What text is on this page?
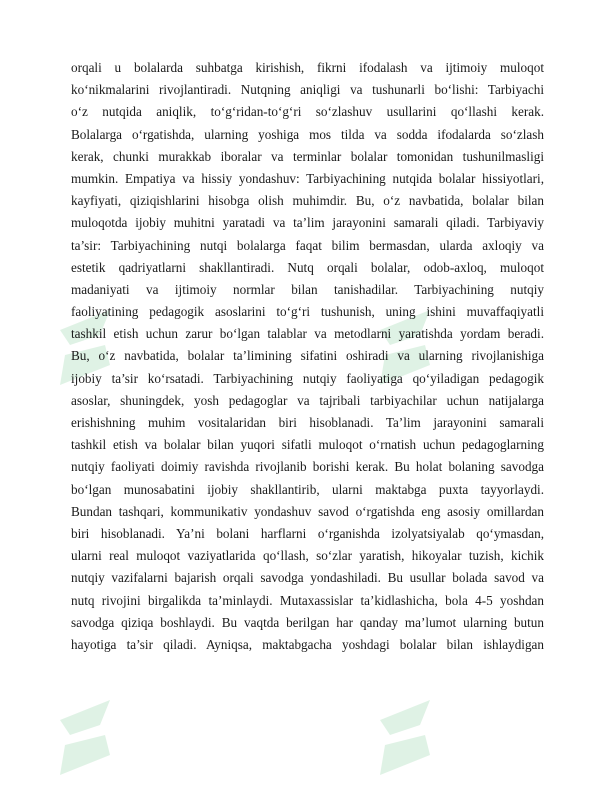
orqali u bolalarda suhbatga kirishish, fikrni ifodalash va ijtimoiy muloqot
ko‘nikmalarini rivojlantiradi. Nutqning aniqligi va tushunarli bo‘lishi: Tarbiyachi
o‘z nutqida aniqlik, to‘g‘ridan-to‘g‘ri so‘zlashuv usullarini qo‘llashi kerak.
Bolalarga o‘rgatishda, ularning yoshiga mos tilda va sodda ifodalarda so‘zlash
kerak, chunki murakkab iboralar va terminlar bolalar tomonidan tushunilmasligi
mumkin. Empatiya va hissiy yondashuv: Tarbiyachining nutqida bolalar hissiyotlari,
kayfiyati, qiziqishlarini hisobga olish muhimdir. Bu, o‘z navbatida, bolalar bilan
muloqotda ijobiy muhitni yaratadi va ta’lim jarayonini samarali qiladi. Tarbiyaviy
ta’sir: Tarbiyachining nutqi bolalarga faqat bilim bermasdan, ularda axloqiy va
estetik qadriyatlarni shakllantiradi. Nutq orqali bolalar, odob-axloq, muloqot
madaniyati va ijtimoiy normlar bilan tanishadilar. Tarbiyachining nutqiy
faoliyatining pedagogik asoslarini to‘g‘ri tushunish, uning ishini muvaffaqiyatli
tashkil etish uchun zarur bo‘lgan talablar va metodlarni yaratishda yordam beradi.
Bu, o‘z navbatida, bolalar ta’limining sifatini oshiradi va ularning rivojlanishiga
ijobiy ta’sir ko‘rsatadi. Tarbiyachining nutqiy faoliyatiga qo‘yiladigan pedagogik
asoslar, shuningdek, yosh pedagoglar va tajribali tarbiyachilar uchun natijalarga
erishishning muhim vositalaridan biri hisoblanadi. Ta’lim jarayonini samarali
tashkil etish va bolalar bilan yuqori sifatli muloqot o‘rnatish uchun pedagoglarning
nutqiy faoliyati doimiy ravishda rivojlanib borishi kerak. Bu holat bolaning savodga
bo‘lgan munosabatini ijobiy shakllantirib, ularni maktabga puxta tayyorlaydi.
Bundan tashqari, kommunikativ yondashuv savod o‘rgatishda eng asosiy omillardan
biri hisoblanadi. Ya’ni bolani harflarni o‘rganishda izolyatsiyalab qo‘ymasdan,
ularni real muloqot vaziyatlarida qo‘llash, so‘zlar yaratish, hikoyalar tuzish, kichik
nutqiy vazifalarni bajarish orqali savodga yondashiladi. Bu usullar bolada savod va
nutq rivojini birgalikda ta’minlaydi. Mutaxassislar ta’kidlashicha, bola 4-5 yoshdan
savodga qiziqa boshlaydi. Bu vaqtda berilgan har qanday ma’lumot ularning butun
hayotiga ta’sir qiladi. Ayniqsa, maktabgacha yoshdagi bolalar bilan ishlaydigan
